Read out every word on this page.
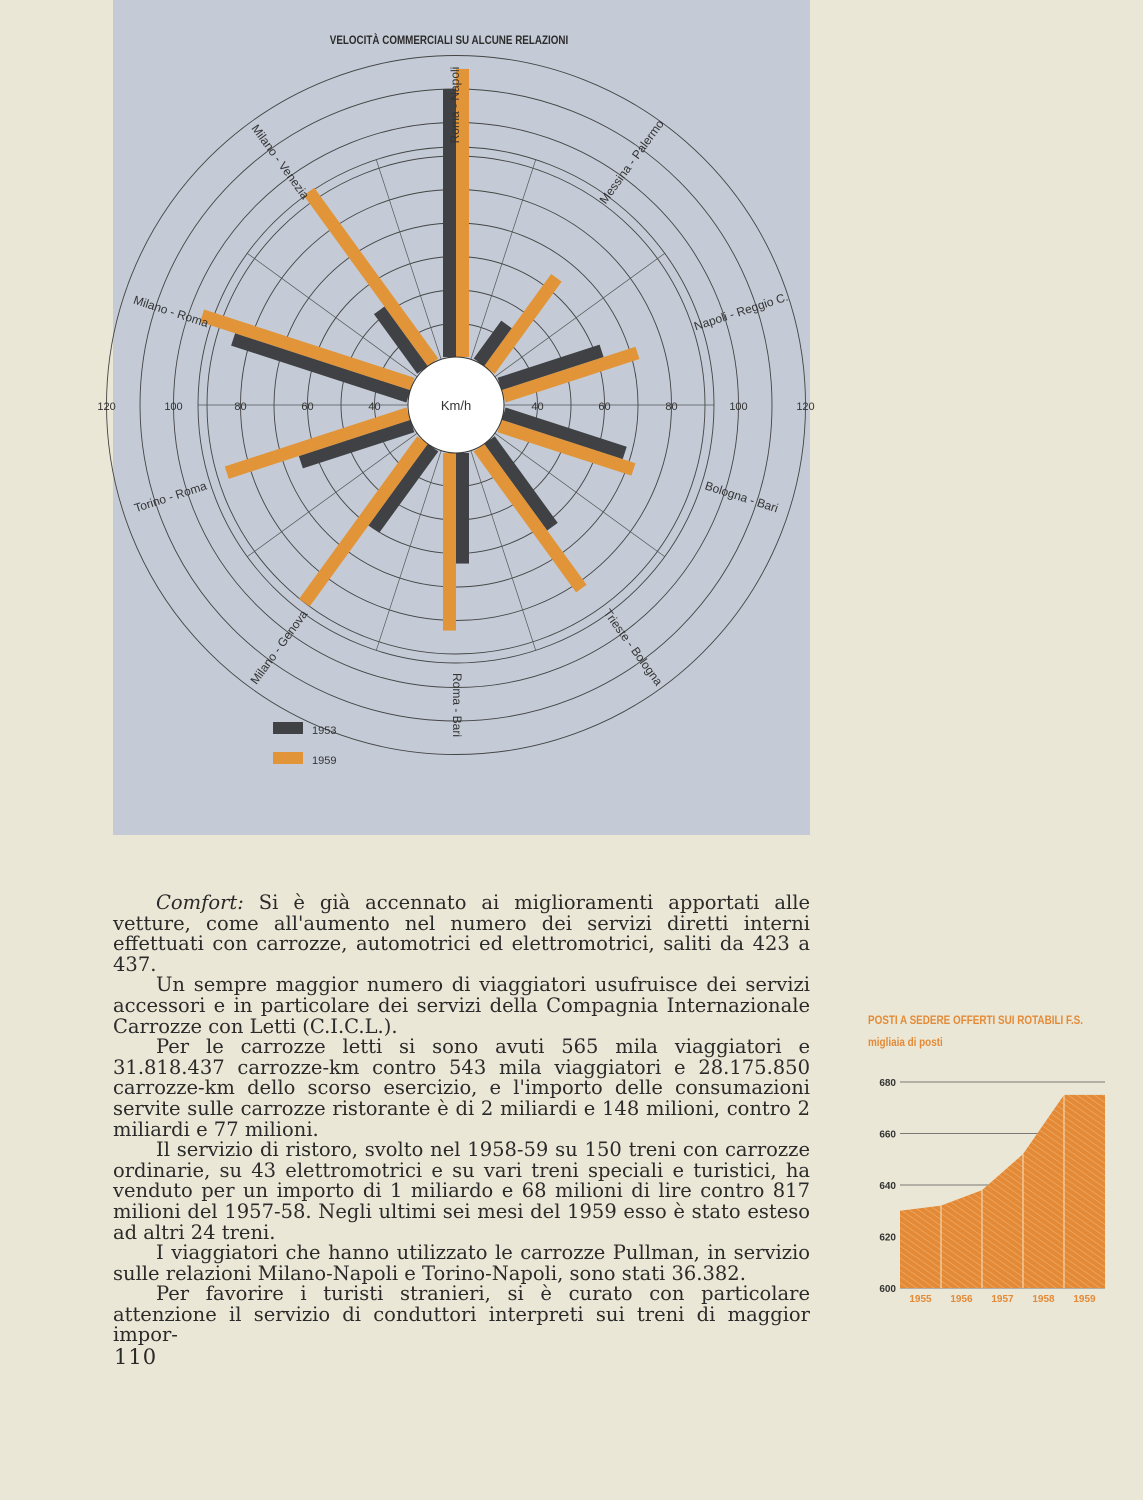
VELOCITÀ COMMERCIALI SU ALCUNE RELAZIONI
Km/h
120	100	80	60	40	40	60	80	100	120
Roma - Napoli
Messina - Palermo
Napoli - Reggio C.
Bologna - Bari
Trieste - Bologna
Roma - Bari
Milano - Genova
Torino - Roma
Milano - Roma
Milano - Venezia
1953
1959

Comfort: Si è già accennato ai miglioramenti apportati alle vetture, come all'aumento nel numero dei servizi diretti interni effettuati con carrozze, automotrici ed elettromotrici, saliti da 423 a 437.

Un sempre maggior numero di viaggiatori usufruisce dei servizi accessori e in particolare dei servizi della Compagnia Internazionale Carrozze con Letti (C.I.C.L.).

Per le carrozze letti si sono avuti 565 mila viaggiatori e 31.818.437 carrozze-km contro 543 mila viaggiatori e 28.175.850 carrozze-km dello scorso esercizio, e l'importo delle consumazioni servite sulle carrozze ristorante è di 2 miliardi e 148 milioni, contro 2 miliardi e 77 milioni.

Il servizio di ristoro, svolto nel 1958-59 su 150 treni con carrozze ordinarie, su 43 elettromotrici e su vari treni speciali e turistici, ha venduto per un importo di 1 miliardo e 68 milioni di lire contro 817 milioni del 1957-58. Negli ultimi sei mesi del 1959 esso è stato esteso ad altri 24 treni.

I viaggiatori che hanno utilizzato le carrozze Pullman, in servizio sulle relazioni Milano-Napoli e Torino-Napoli, sono stati 36.382.

Per favorire i turisti stranieri, si è curato con particolare attenzione il servizio di conduttori interpreti sui treni di maggior impor-

110
POSTI A SEDERE OFFERTI SUI ROTABILI F.S.
migliaia di posti
680
660
640
620
600
1955 1956 1957 1958 1959
